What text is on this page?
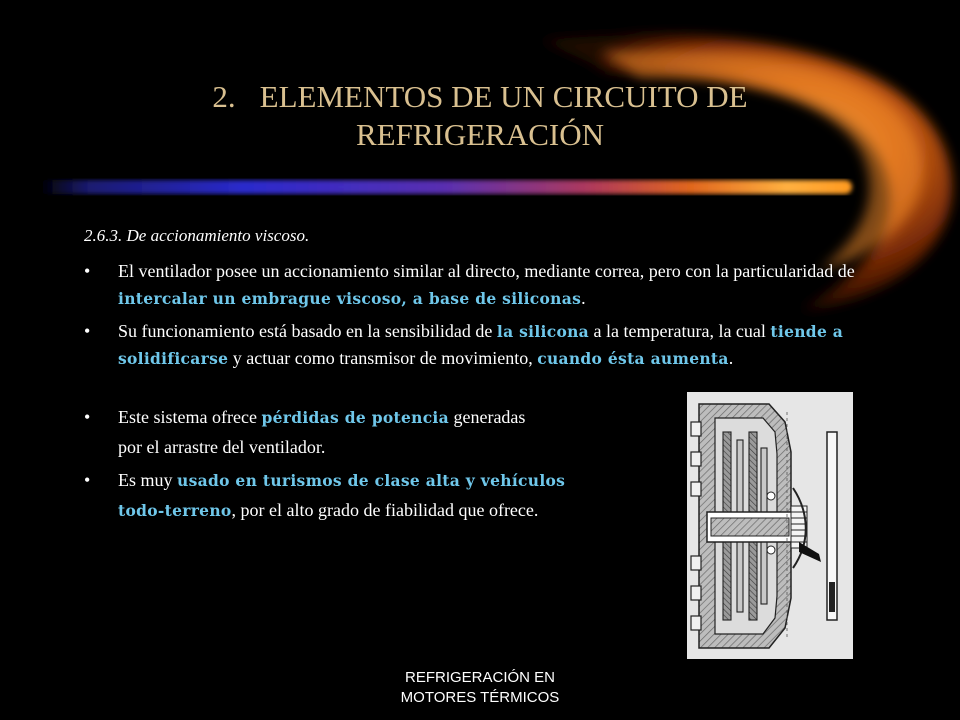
2. ELEMENTOS DE UN CIRCUITO DE
REFRIGERACIÓN
2.6.3. De accionamiento viscoso.
• El ventilador posee un accionamiento similar al directo, mediante correa, pero con la particularidad de intercalar un embrague viscoso, a base de siliconas.
• Su funcionamiento está basado en la sensibilidad de la silicona a la temperatura, la cual tiende a solidificarse y actuar como transmisor de movimiento, cuando ésta aumenta.
• Este sistema ofrece pérdidas de potencia generadas
por el arrastre del ventilador.
• Es muy usado en turismos de clase alta y vehículos
todo-terreno, por el alto grado de fiabilidad que ofrece.
REFRIGERACIÓN EN
MOTORES TÉRMICOS
